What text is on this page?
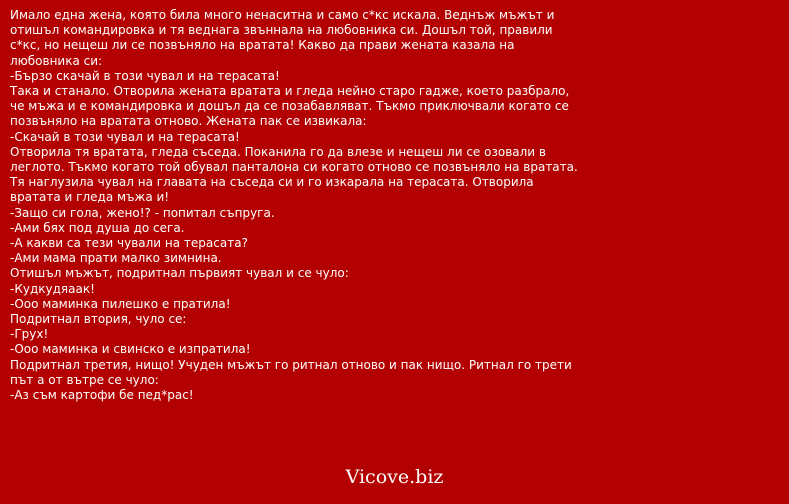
Имало една жена, която била много ненаситна и само с*кс искала. Веднъж мъжът и отишъл командировка и тя веднага звъннала на любовника си. Дошъл той, правили с*кс, но нещеш ли се позвъняло на вратата! Какво да прави жената казала на любовника си:

-Бързо скачай в този чувал и на терасата!

Така и станало. Отворила жената вратата и гледа нейно старо гадже, което разбрало, че мъжа и е командировка и дошъл да се позабавляват. Тъкмо приключвали когато се позвъняло на вратата отново. Жената пак се извикала:

-Скачай в този чувал и на терасата!

Отворила тя вратата, гледа съседа. Поканила го да влезе и нещеш ли се озовали в леглото. Тъкмо когато той обувал панталона си когато отново се позвъняло на вратата. Тя наглузила чувал на главата на съседа си и го изкарала на терасата. Отворила вратата и гледа мъжа и!

-Защо си гола, жено!? - попитал съпруга.

-Ами бях под душа до сега.

-А какви са тези чували на терасата?

-Ами мама прати малко зимнина.

Отишъл мъжът, подритнал първият чувал и се чуло:

-Кудкудяаак!

-Ооо маминка пилешко е пратила!

Подритнал втория, чуло се:

-Грух!

-Ооо маминка и свинско е изпратила!

Подритнал третия, нищо! Учуден мъжът го ритнал отново и пак нищо. Ритнал го трети път а от вътре се чуло:

-Аз съм картофи бе пед*рас!

Vicove.biz
